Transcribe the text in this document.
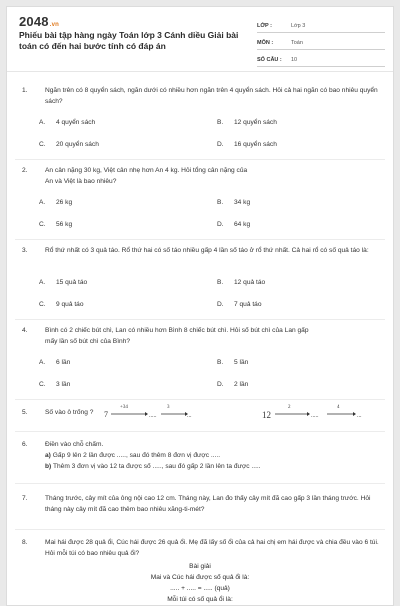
2048.vn
Phiếu bài tập hàng ngày Toán lớp 3 Cánh diều Giải bài toán có đến hai bước tính có đáp án
LỚP :	Lớp 3
MÔN :	Toán
SỐ CÂU :	10
1.	Ngăn trên có 8 quyển sách, ngăn dưới có nhiều hơn ngăn trên 4 quyển sách. Hỏi cả hai ngăn có bao nhiêu quyển sách?
A. 4 quyển sách	B. 12 quyển sách
C. 20 quyển sách	D. 16 quyển sách
2.	An cân nặng 30 kg, Việt cân nhẹ hơn An 4 kg. Hỏi tổng cân nặng của An và Việt là bao nhiêu?
A. 26 kg	B. 34 kg
C. 56 kg	D. 64 kg
3.	Rổ thứ nhất có 3 quả táo. Rổ thứ hai có số táo nhiều gấp 4 lần số táo ở rổ thứ nhất. Cả hai rổ có số quả táo là:
A. 15 quả táo	B. 12 quả táo
C. 9 quả táo	D. 7 quả táo
4.	Bình có 2 chiếc bút chì, Lan có nhiều hơn Bình 8 chiếc bút chì. Hỏi số bút chì của Lan gấp mấy lần số bút chì của Bình?
A. 6 lần	B. 5 lần
C. 3 lần	D. 2 lần
5.	Số vào ô trống ?	7
+34
.....
3
...	12
2
.....
4
...
6.	Điền vào chỗ chấm.
a) Gấp 9 lên 2 lần được ....., sau đó thêm 8 đơn vị được .....
b) Thêm 3 đơn vị vào 12 ta được số ....., sau đó gấp 2 lần lên ta được .....
7.	Tháng trước, cây mít của ông nội cao 12 cm. Tháng này, Lan đo thấy cây mít đã cao gấp 3 lần tháng trước. Hỏi tháng này cây mít đã cao thêm bao nhiêu xăng-ti-mét?
8.	Mai hái được 28 quả ổi, Cúc hái được 26 quả ổi. Mẹ đã lấy số ổi của cả hai chị em hái được và chia đều vào 6 túi. Hỏi mỗi túi có bao nhiêu quả ổi?
Bài giải
Mai và Cúc hái được số quả ổi là:
..... + ..... = ..... (quả)
Mỗi túi có số quả ổi là:
